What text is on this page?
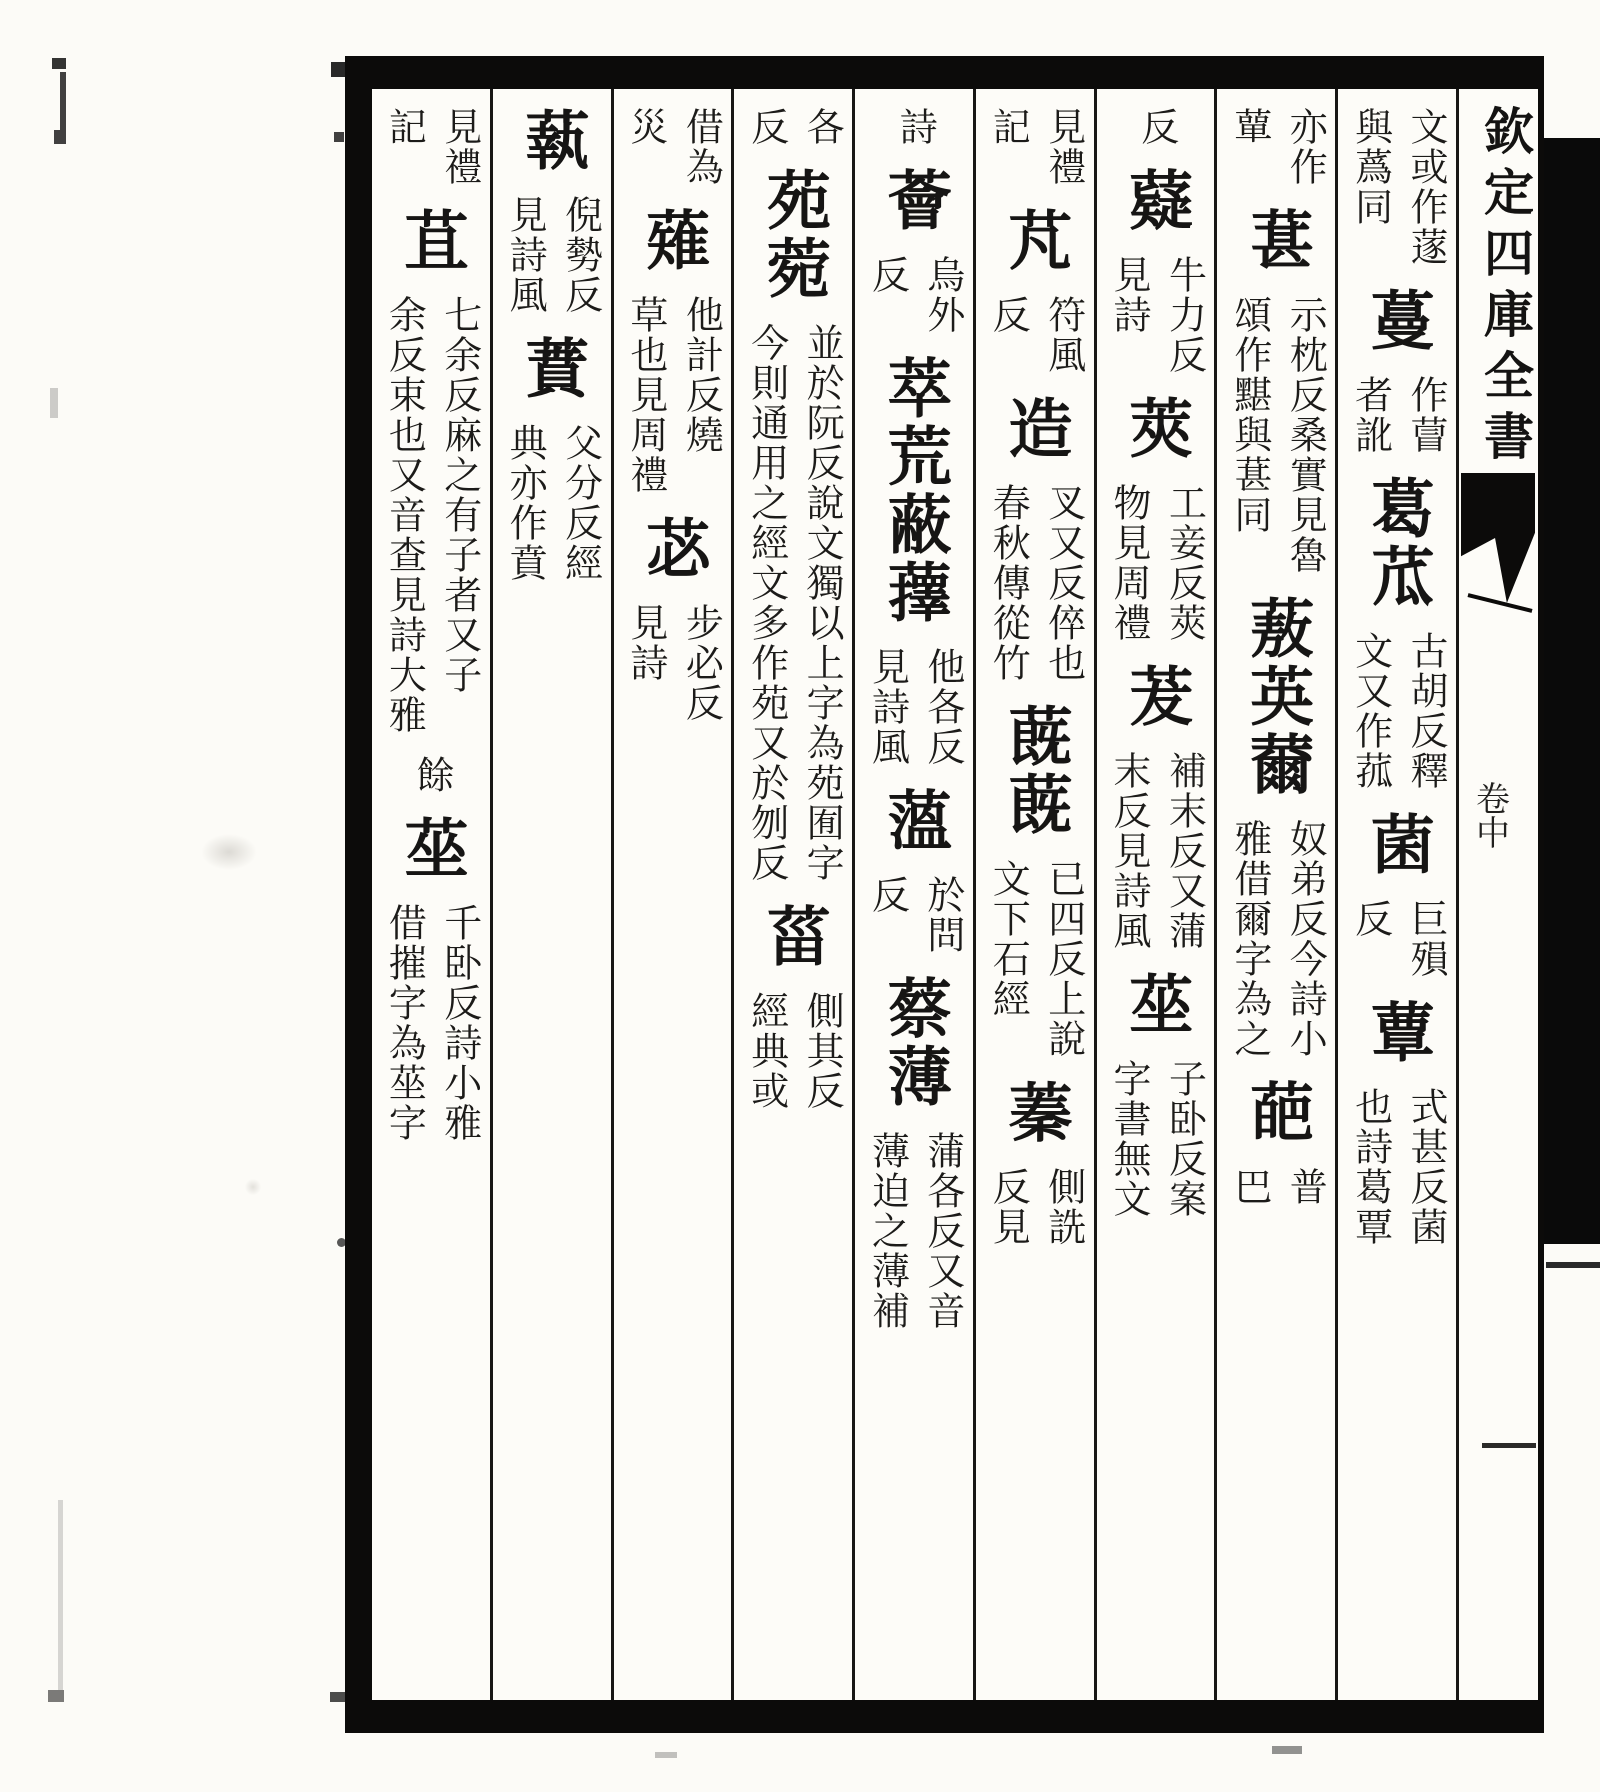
欽定四庫全書
卷中
文或作蓫
與蔿同
蔓
作萺
者訛
葛苽
古胡反釋
文又作菰
菌
巨殞
反
蕈
式甚反菌
也詩葛覃
亦作
蕇
葚
示枕反桑實見魯
頌作黮與葚同
蔜英薾
奴弟反今詩小
雅借爾字為之
葩
普
巴
反
薿
牛力反
見詩
莢
工妾反莢
物見周禮
茇
補末反又蒲
末反見詩風
莝
子卧反案
字書無文
見禮
記
芃
符風
反
造
叉又反倅也
春秋傳從竹
蔇蔇
已四反上說
文下石經
蓁
側詵
反見
詩
薈
烏外
反
萃荒蔽蘀
他各反
見詩風
薀
於問
反
蔡薄
蒲各反又音
薄迫之薄補
各
反
苑菀
並於阮反說文獨以上字為苑囿字
今則通用之經文多作苑又於刎反
菑
側其反
經典或
借為
災
薙
他計反燒
草也見周禮
苾
步必反
見詩
蓻
倪勢反
見詩風
蕡
父分反經
典亦作賁
見禮
記
苴
七余反麻之有子者又子
余反束也又音查見詩大雅
餘
莝
千卧反詩小雅
借摧字為莝字
